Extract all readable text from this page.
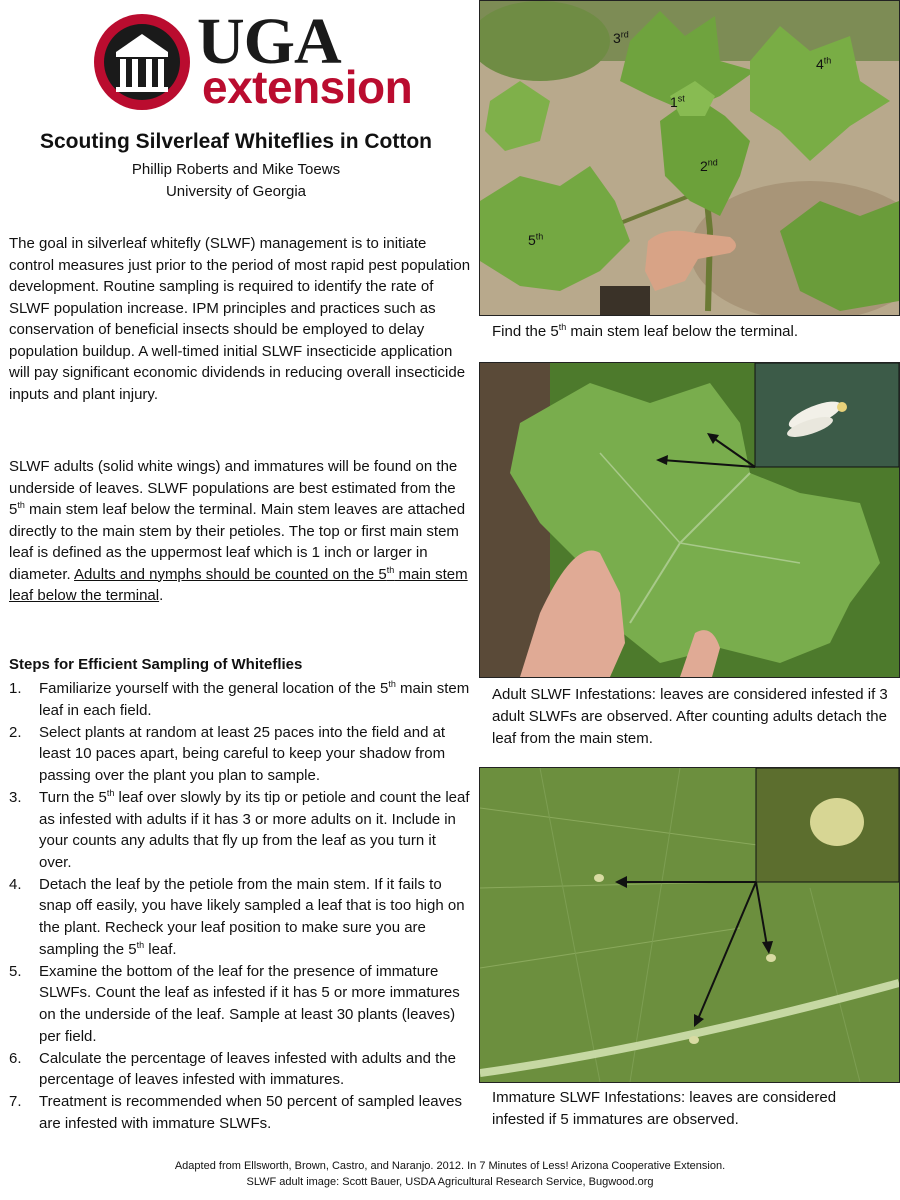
UGA
extension
Scouting Silverleaf Whiteflies in Cotton
Phillip Roberts and Mike Toews
University of Georgia
The goal in silverleaf whitefly (SLWF) management is to initiate control measures just prior to the period of most rapid pest population development. Routine sampling is required to identify the rate of SLWF population increase. IPM principles and practices such as conservation of beneficial insects should be employed to delay population buildup. A well-timed initial SLWF insecticide application will pay significant economic dividends in reducing overall insecticide inputs and plant injury.
SLWF adults (solid white wings) and immatures will be found on the underside of leaves. SLWF populations are best estimated from the 5th main stem leaf below the terminal. Main stem leaves are attached directly to the main stem by their petioles. The top or first main stem leaf is defined as the uppermost leaf which is 1 inch or larger in diameter. Adults and nymphs should be counted on the 5th main stem leaf below the terminal.
Steps for Efficient Sampling of Whiteflies
1. Familiarize yourself with the general location of the 5th main stem leaf in each field.
2. Select plants at random at least 25 paces into the field and at least 10 paces apart, being careful to keep your shadow from passing over the plant you plan to sample.
3. Turn the 5th leaf over slowly by its tip or petiole and count the leaf as infested with adults if it has 3 or more adults on it. Include in your counts any adults that fly up from the leaf as you turn it over.
4. Detach the leaf by the petiole from the main stem. If it fails to snap off easily, you have likely sampled a leaf that is too high on the plant. Recheck your leaf position to make sure you are sampling the 5th leaf.
5. Examine the bottom of the leaf for the presence of immature SLWFs. Count the leaf as infested if it has 5 or more immatures on the underside of the leaf. Sample at least 30 plants (leaves) per field.
6. Calculate the percentage of leaves infested with adults and the percentage of leaves infested with immatures.
7. Treatment is recommended when 50 percent of sampled leaves are infested with immature SLWFs.
3rd
4th
1st
2nd
5th
Find the 5th main stem leaf below the terminal.
Adult SLWF Infestations: leaves are considered infested if 3 adult SLWFs are observed. After counting adults detach the leaf from the main stem.
Immature SLWF Infestations: leaves are considered infested if 5 immatures are observed.
Adapted from Ellsworth, Brown, Castro, and Naranjo. 2012. In 7 Minutes of Less! Arizona Cooperative Extension.
SLWF adult image: Scott Bauer, USDA Agricultural Research Service, Bugwood.org
